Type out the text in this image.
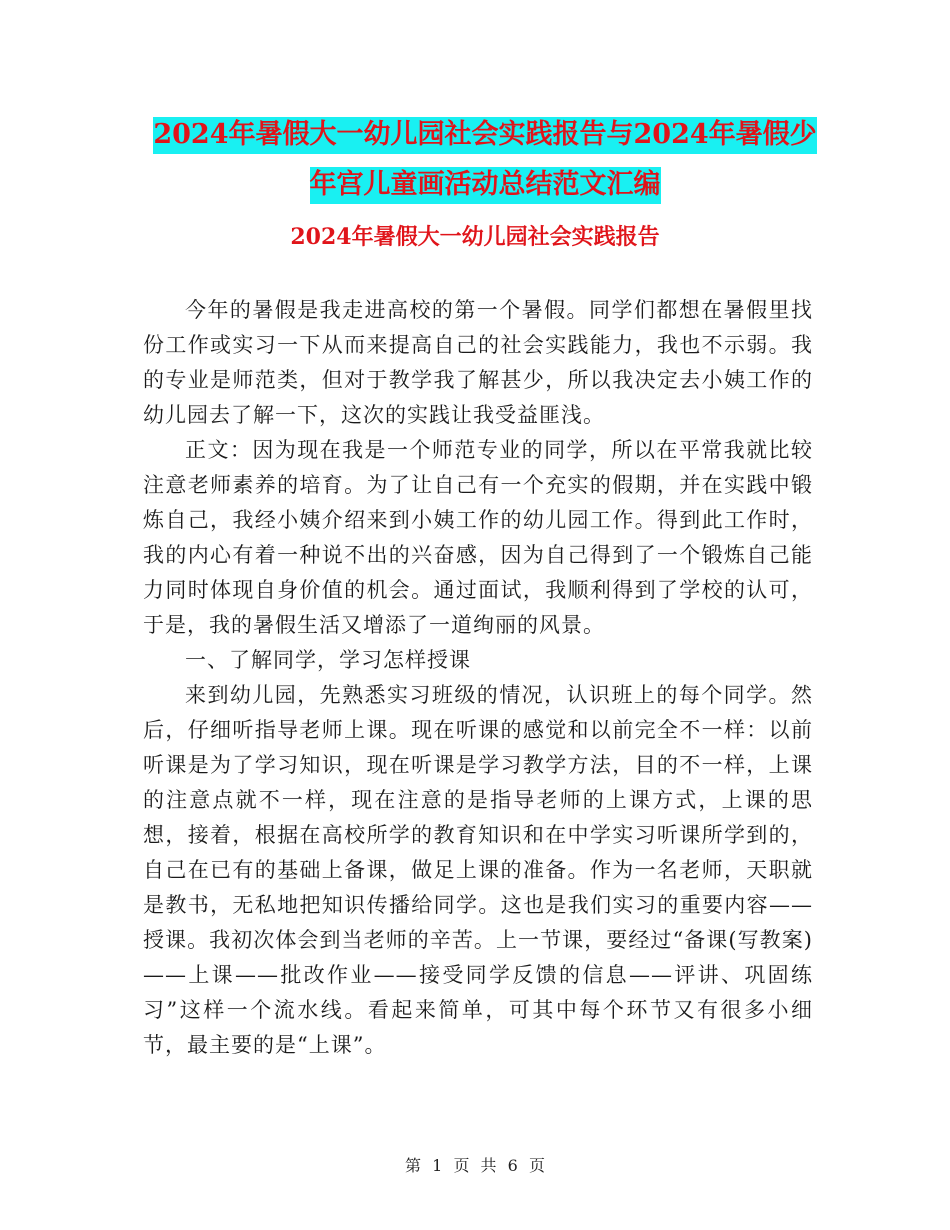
2024年暑假大一幼儿园社会实践报告与2024年暑假少
年宫儿童画活动总结范文汇编
2024年暑假大一幼儿园社会实践报告

今年的暑假是我走进高校的第一个暑假。同学们都想在暑假里找份工作或实习一下从而来提高自己的社会实践能力，我也不示弱。我的专业是师范类，但对于教学我了解甚少，所以我决定去小姨工作的幼儿园去了解一下，这次的实践让我受益匪浅。

正文：因为现在我是一个师范专业的同学，所以在平常我就比较注意老师素养的培育。为了让自己有一个充实的假期，并在实践中锻炼自己，我经小姨介绍来到小姨工作的幼儿园工作。得到此工作时，我的内心有着一种说不出的兴奋感，因为自己得到了一个锻炼自己能力同时体现自身价值的机会。通过面试，我顺利得到了学校的认可，于是，我的暑假生活又增添了一道绚丽的风景。

一、了解同学，学习怎样授课

来到幼儿园，先熟悉实习班级的情况，认识班上的每个同学。然后，仔细听指导老师上课。现在听课的感觉和以前完全不一样：以前听课是为了学习知识，现在听课是学习教学方法，目的不一样，上课的注意点就不一样，现在注意的是指导老师的上课方式，上课的思想，接着，根据在高校所学的教育知识和在中学实习听课所学到的，自己在已有的基础上备课，做足上课的准备。作为一名老师，天职就是教书，无私地把知识传播给同学。这也是我们实习的重要内容——授课。我初次体会到当老师的辛苦。上一节课，要经过“备课(写教案)——上课——批改作业——接受同学反馈的信息——评讲、巩固练习”这样一个流水线。看起来简单，可其中每个环节又有很多小细节，最主要的是“上课”。

第 1 页 共 6 页
